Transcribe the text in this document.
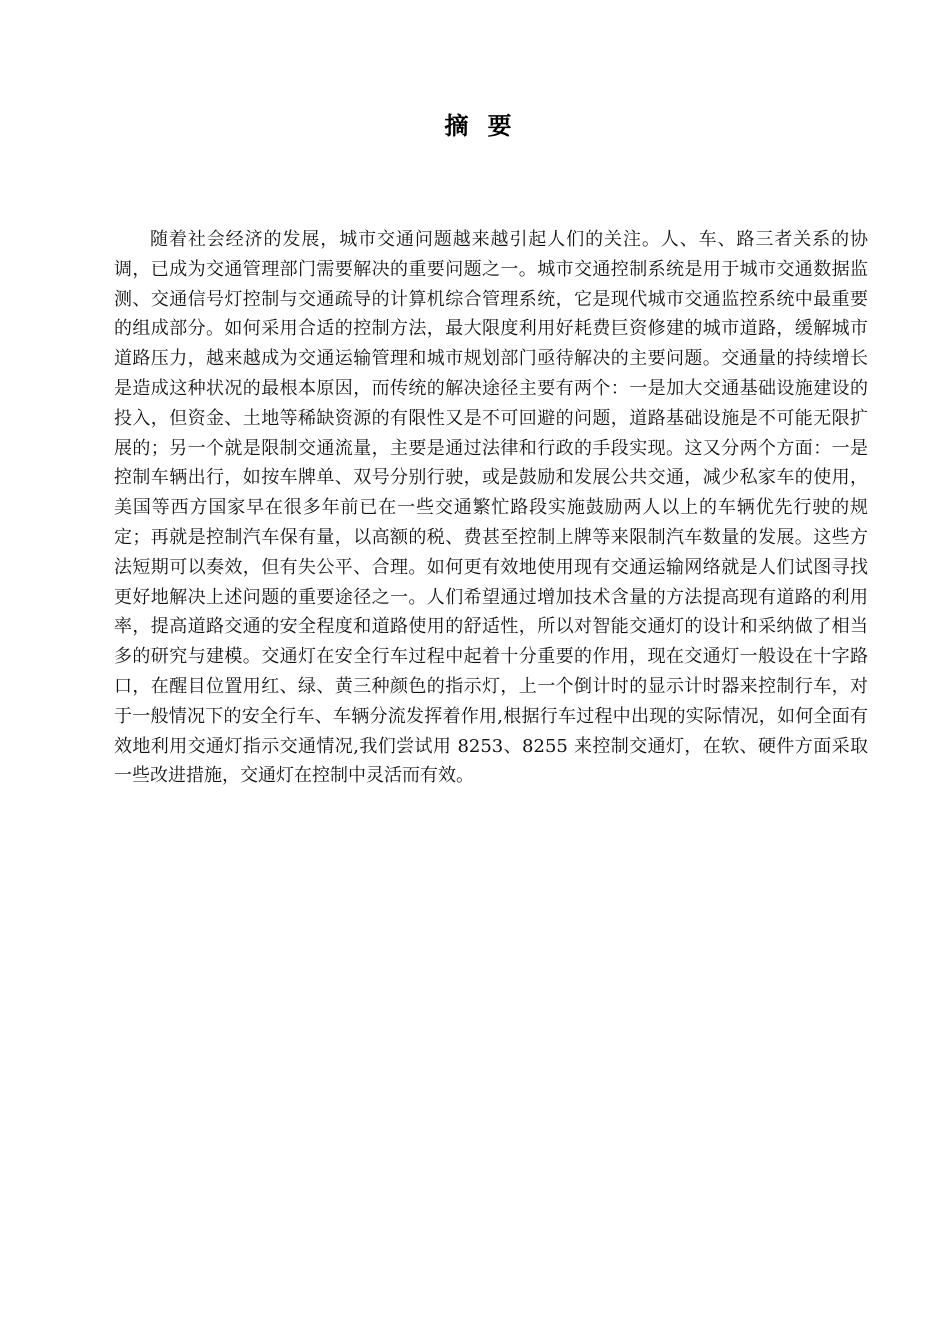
摘要

随着社会经济的发展，城市交通问题越来越引起人们的关注。人、车、路三者关系的协调，已成为交通管理部门需要解决的重要问题之一。城市交通控制系统是用于城市交通数据监测、交通信号灯控制与交通疏导的计算机综合管理系统，它是现代城市交通监控系统中最重要的组成部分。如何采用合适的控制方法，最大限度利用好耗费巨资修建的城市道路，缓解城市道路压力，越来越成为交通运输管理和城市规划部门亟待解决的主要问题。交通量的持续增长是造成这种状况的最根本原因，而传统的解决途径主要有两个：一是加大交通基础设施建设的投入，但资金、土地等稀缺资源的有限性又是不可回避的问题，道路基础设施是不可能无限扩展的；另一个就是限制交通流量，主要是通过法律和行政的手段实现。这又分两个方面：一是控制车辆出行，如按车牌单、双号分别行驶，或是鼓励和发展公共交通，减少私家车的使用，美国等西方国家早在很多年前已在一些交通繁忙路段实施鼓励两人以上的车辆优先行驶的规定；再就是控制汽车保有量，以高额的税、费甚至控制上牌等来限制汽车数量的发展。这些方法短期可以奏效，但有失公平、合理。如何更有效地使用现有交通运输网络就是人们试图寻找更好地解决上述问题的重要途径之一。人们希望通过增加技术含量的方法提高现有道路的利用率，提高道路交通的安全程度和道路使用的舒适性，所以对智能交通灯的设计和采纳做了相当多的研究与建模。交通灯在安全行车过程中起着十分重要的作用，现在交通灯一般设在十字路口，在醒目位置用红、绿、黄三种颜色的指示灯，上一个倒计时的显示计时器来控制行车，对于一般情况下的安全行车、车辆分流发挥着作用,根据行车过程中出现的实际情况，如何全面有效地利用交通灯指示交通情况,我们尝试用 8253、8255 来控制交通灯，在软、硬件方面采取一些改进措施，交通灯在控制中灵活而有效。
